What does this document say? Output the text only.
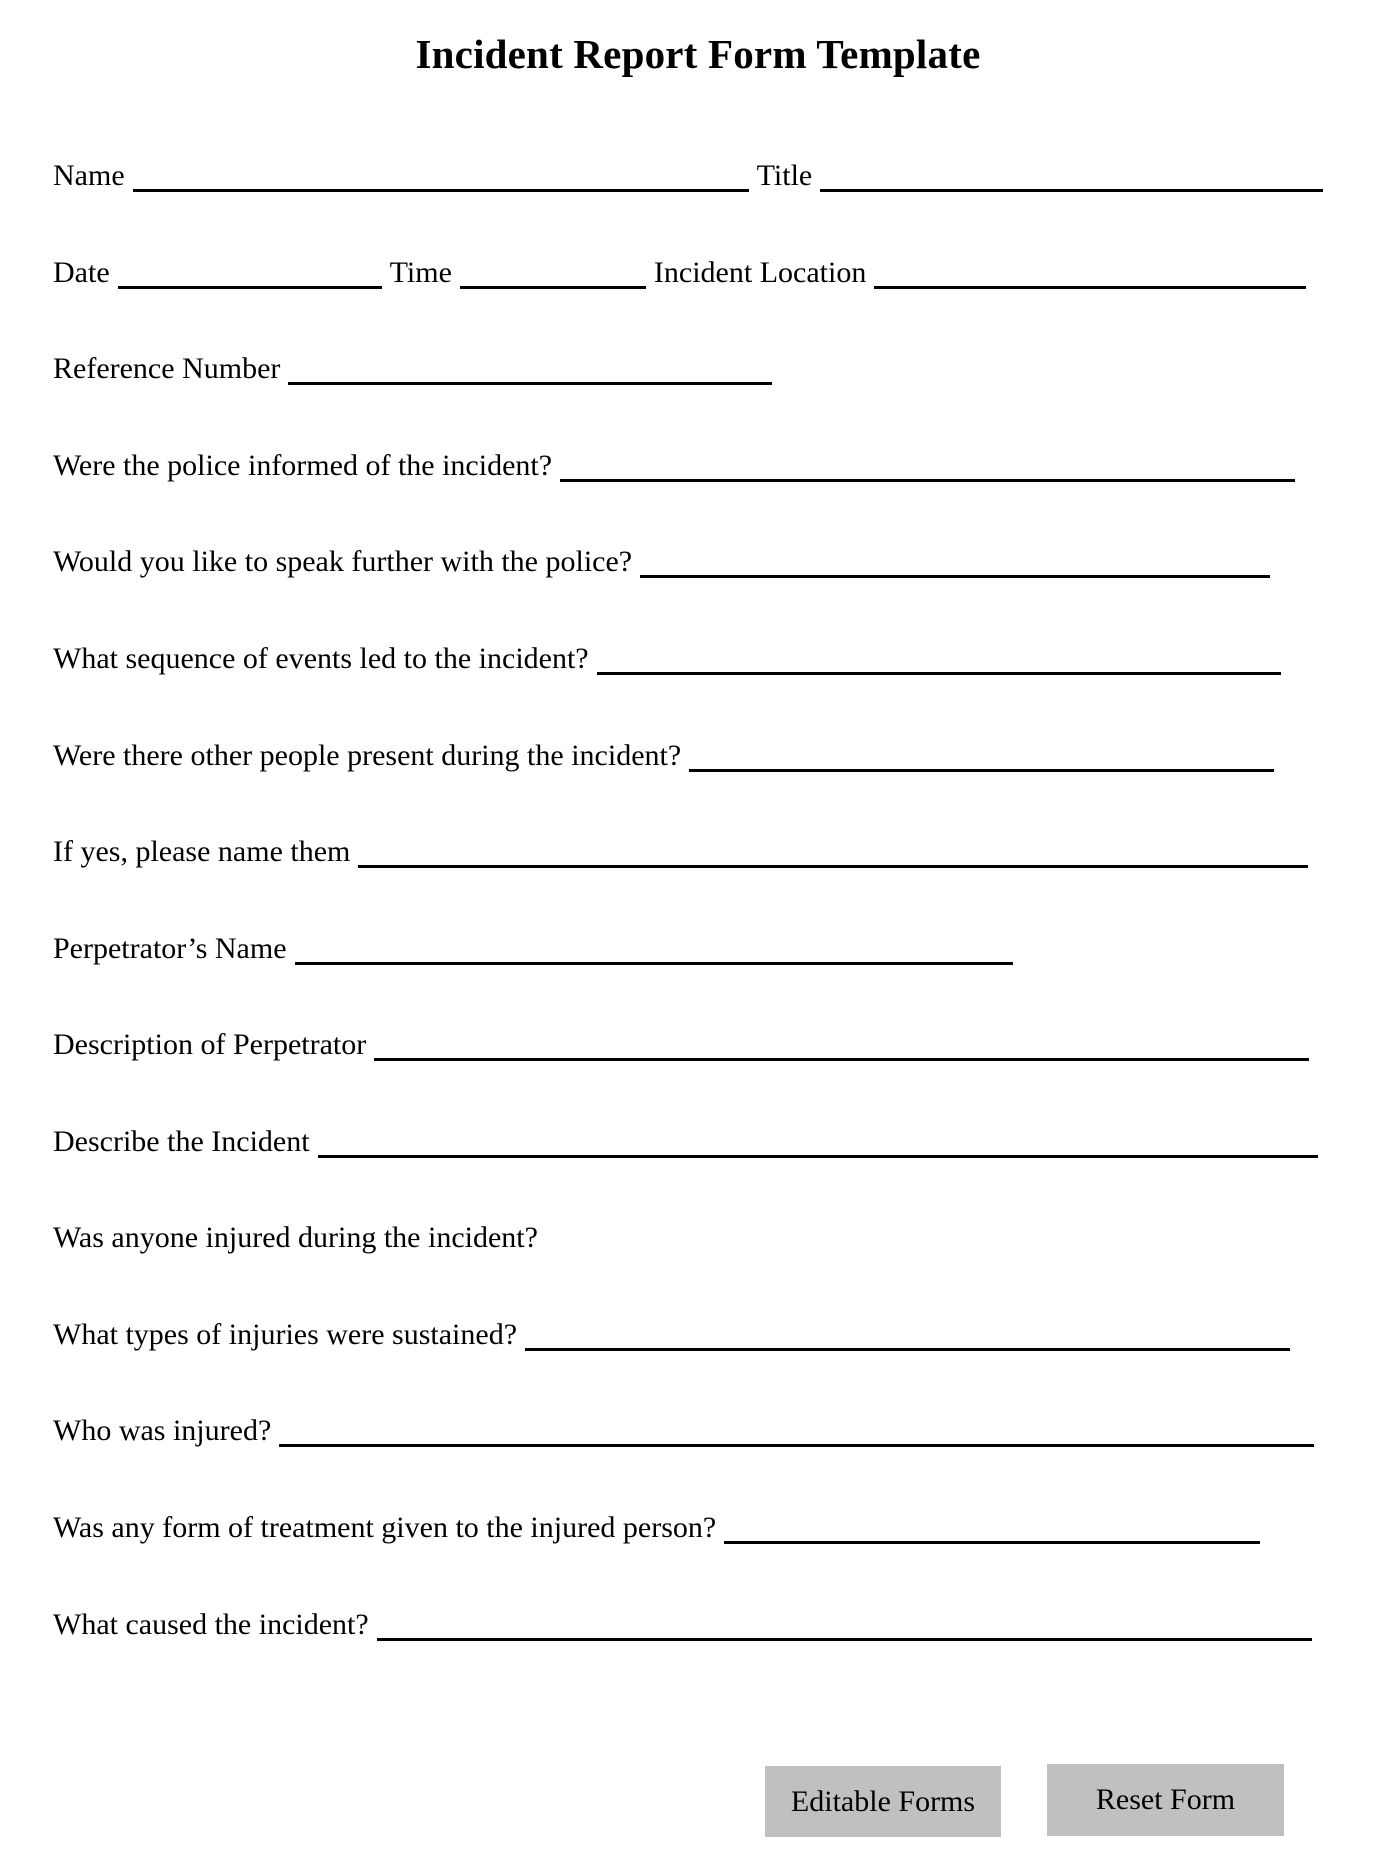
Incident Report Form Template
Name	Title
Date	Time	Incident Location
Reference Number
Were the police informed of the incident?
Would you like to speak further with the police?
What sequence of events led to the incident?
Were there other people present during the incident?
If yes, please name them
Perpetrator’s Name
Description of Perpetrator
Describe the Incident
Was anyone injured during the incident?
What types of injuries were sustained?
Who was injured?
Was any form of treatment given to the injured person?
What caused the incident?
Editable Forms	Reset Form
